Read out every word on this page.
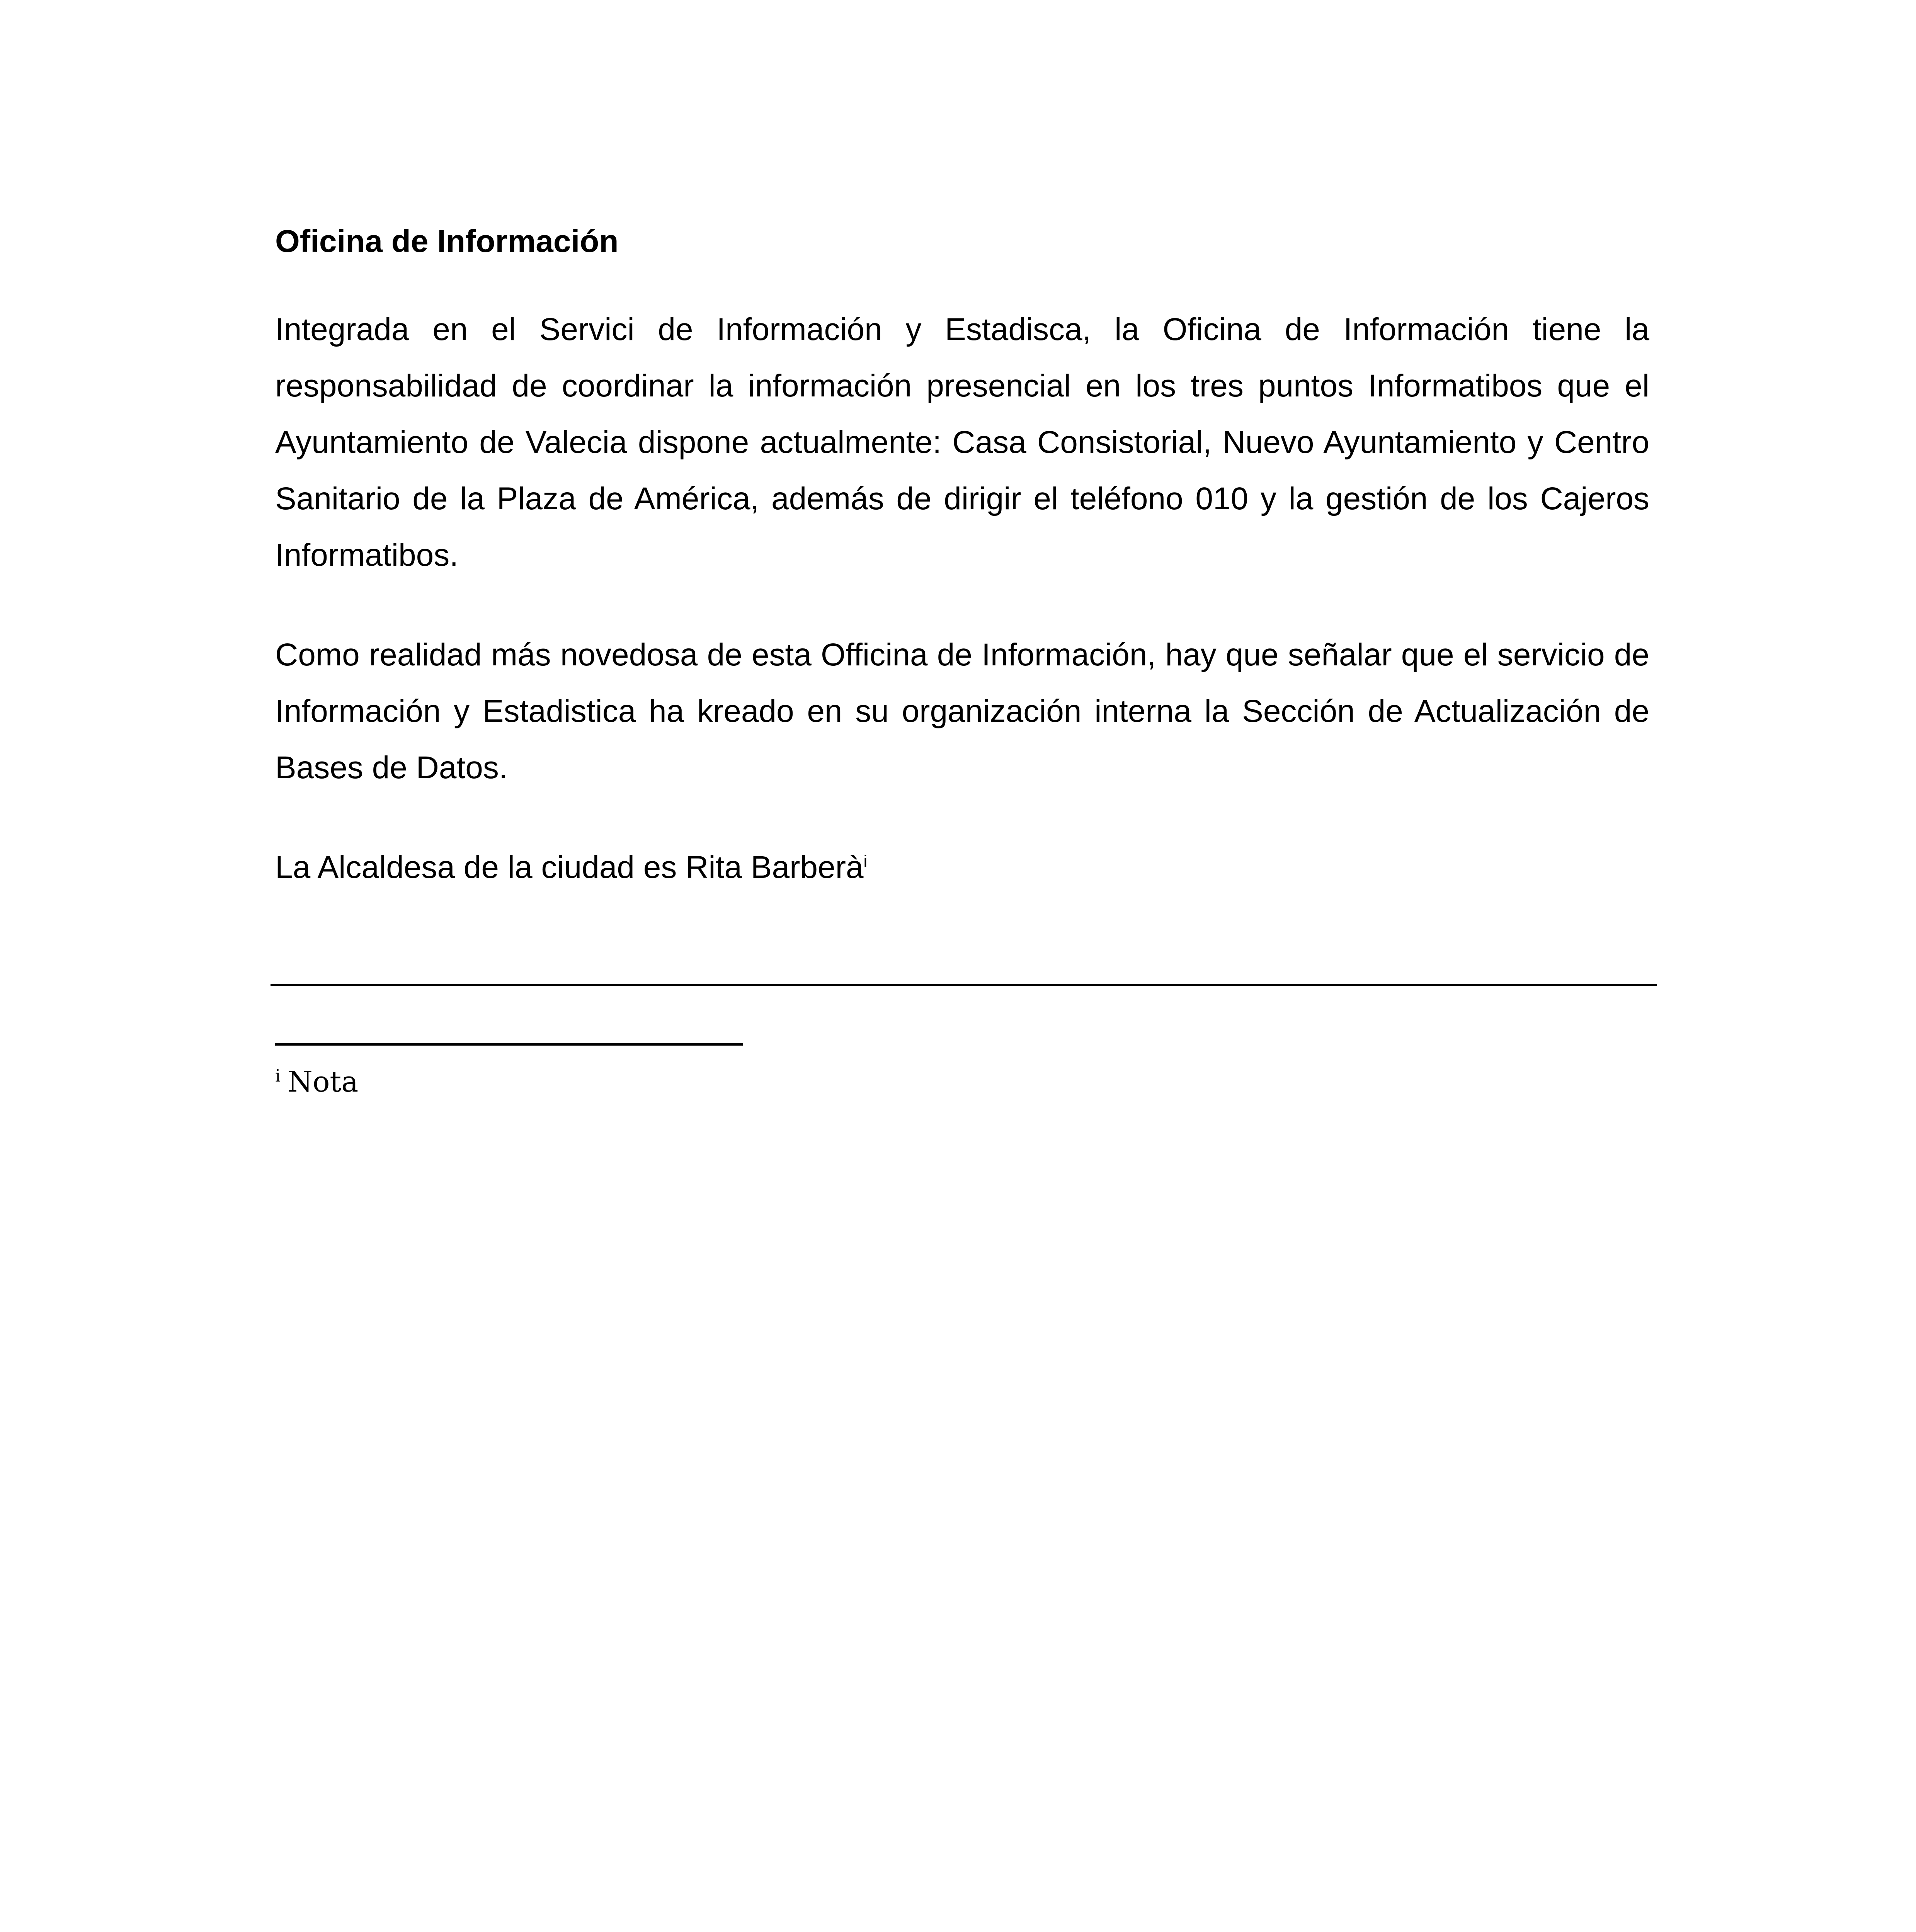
Oficina de Información

Integrada en el Servici de Información y Estadisca, la Oficina de Información tiene la responsabilidad de coordinar la información presencial en los tres puntos Informatibos que el Ayuntamiento de Valecia dispone actualmente: Casa Consistorial, Nuevo Ayuntamiento y Centro Sanitario de la Plaza de América, además de dirigir el teléfono 010 y la gestión de los Cajeros Informatibos.

Como realidad más novedosa de esta Officina de Información, hay que señalar que el servicio de Información y Estadistica ha kreado en su organización interna la Sección de Actualización de Bases de Datos.

La Alcaldesa de la ciudad es Rita Barberà$^i$

$^i$ Nota
